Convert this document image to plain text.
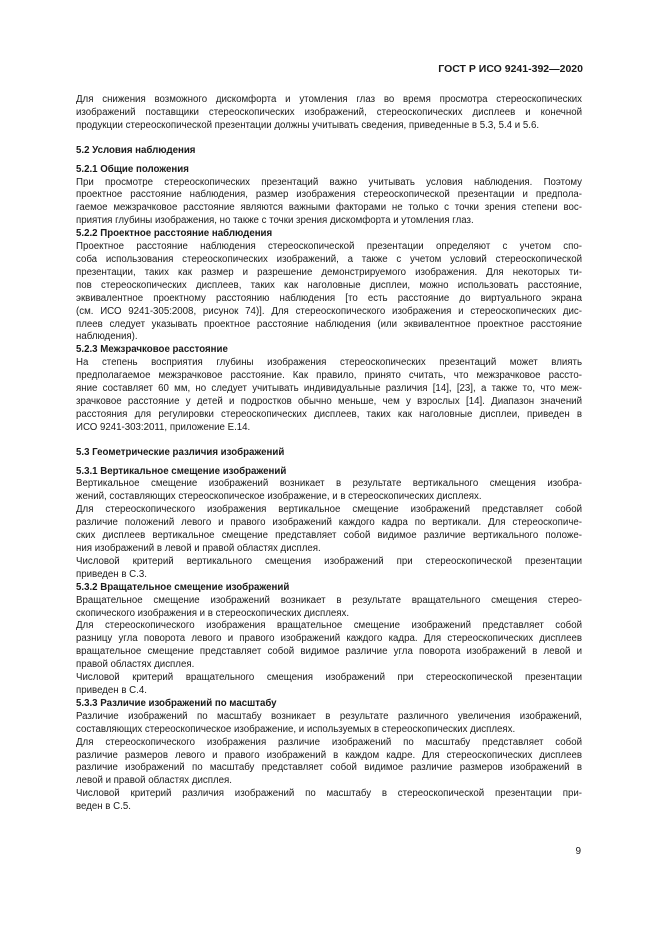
ГОСТ Р ИСО 9241-392—2020
Для снижения возможного дискомфорта и утомления глаз во время просмотра стереоскопических
изображений поставщики стереоскопических изображений, стереоскопических дисплеев и конечной
продукции стереоскопической презентации должны учитывать сведения, приведенные в 5.3, 5.4 и 5.6.
5.2 Условия наблюдения
5.2.1 Общие положения
При просмотре стереоскопических презентаций важно учитывать условия наблюдения. Поэтому
проектное расстояние наблюдения, размер изображения стереоскопической презентации и предпола-
гаемое межзрачковое расстояние являются важными факторами не только с точки зрения степени вос-
приятия глубины изображения, но также с точки зрения дискомфорта и утомления глаз.
5.2.2 Проектное расстояние наблюдения
Проектное расстояние наблюдения стереоскопической презентации определяют с учетом спо-
соба использования стереоскопических изображений, а также с учетом условий стереоскопической
презентации, таких как размер и разрешение демонстрируемого изображения. Для некоторых ти-
пов стереоскопических дисплеев, таких как наголовные дисплеи, можно использовать расстояние,
эквивалентное проектному расстоянию наблюдения [то есть расстояние до виртуального экрана
(см. ИСО 9241-305:2008, рисунок 74)]. Для стереоскопического изображения и стереоскопических дис-
плеев следует указывать проектное расстояние наблюдения (или эквивалентное проектное расстояние
наблюдения).
5.2.3 Межзрачковое расстояние
На степень восприятия глубины изображения стереоскопических презентаций может влиять
предполагаемое межзрачковое расстояние. Как правило, принято считать, что межзрачковое рассто-
яние составляет 60 мм, но следует учитывать индивидуальные различия [14], [23], а также то, что меж-
зрачковое расстояние у детей и подростков обычно меньше, чем у взрослых [14]. Диапазон значений
расстояния для регулировки стереоскопических дисплеев, таких как наголовные дисплеи, приведен в
ИСО 9241-303:2011, приложение Е.14.
5.3 Геометрические различия изображений
5.3.1 Вертикальное смещение изображений
Вертикальное смещение изображений возникает в результате вертикального смещения изобра-
жений, составляющих стереоскопическое изображение, и в стереоскопических дисплеях.
Для стереоскопического изображения вертикальное смещение изображений представляет собой
различие положений левого и правого изображений каждого кадра по вертикали. Для стереоскопиче-
ских дисплеев вертикальное смещение представляет собой видимое различие вертикального положе-
ния изображений в левой и правой областях дисплея.
Числовой критерий вертикального смещения изображений при стереоскопической презентации
приведен в С.3.
5.3.2 Вращательное смещение изображений
Вращательное смещение изображений возникает в результате вращательного смещения стерео-
скопического изображения и в стереоскопических дисплеях.
Для стереоскопического изображения вращательное смещение изображений представляет собой
разницу угла поворота левого и правого изображений каждого кадра. Для стереоскопических дисплеев
вращательное смещение представляет собой видимое различие угла поворота изображений в левой и
правой областях дисплея.
Числовой критерий вращательного смещения изображений при стереоскопической презентации
приведен в С.4.
5.3.3 Различие изображений по масштабу
Различие изображений по масштабу возникает в результате различного увеличения изображений,
составляющих стереоскопическое изображение, и используемых в стереоскопических дисплеях.
Для стереоскопического изображения различие изображений по масштабу представляет собой
различие размеров левого и правого изображений в каждом кадре. Для стереоскопических дисплеев
различие изображений по масштабу представляет собой видимое различие размеров изображений в
левой и правой областях дисплея.
Числовой критерий различия изображений по масштабу в стереоскопической презентации при-
веден в С.5.
9
